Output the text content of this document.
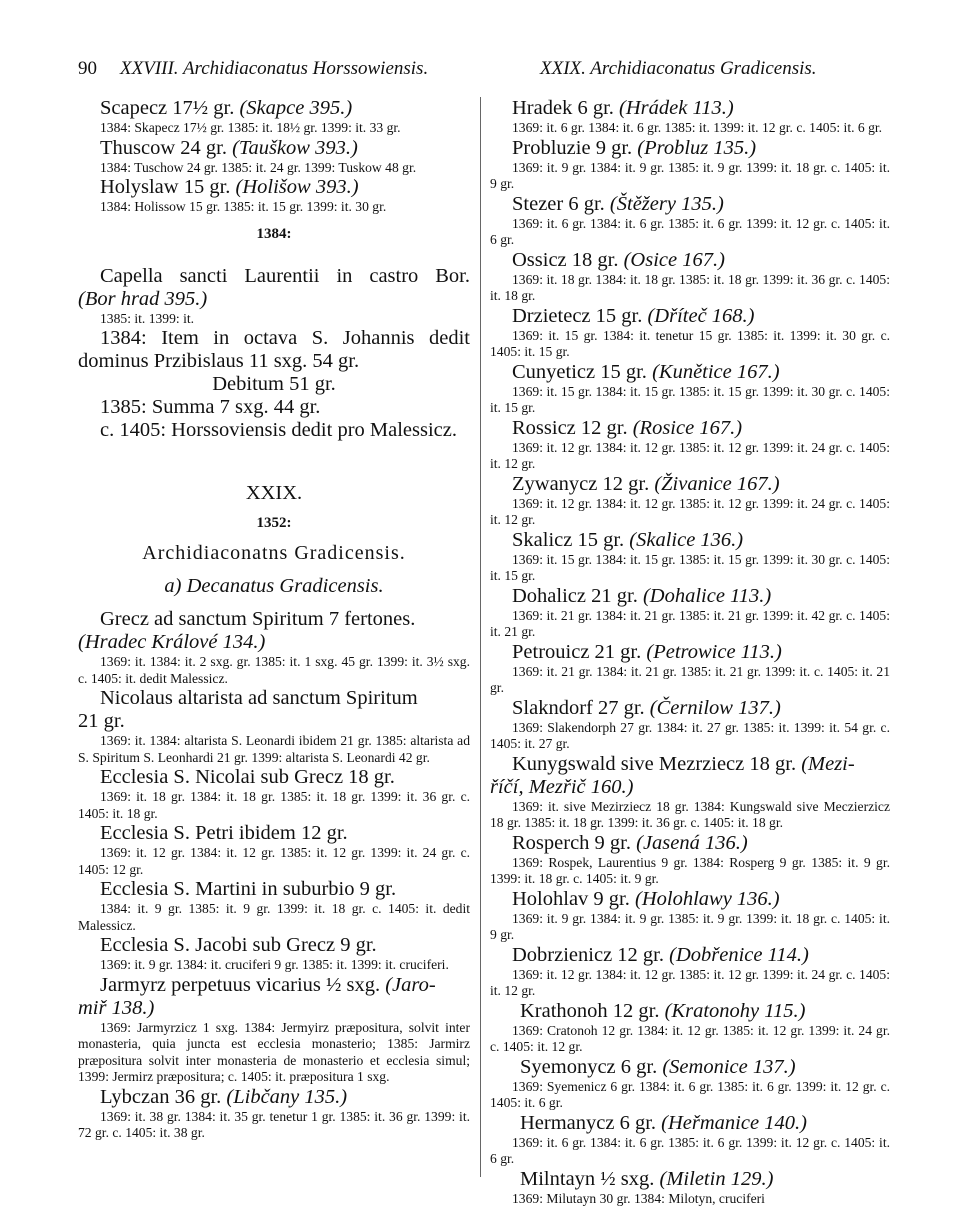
90 XXVIII. Archidiaconatus Horssowiensis.	XXIX. Archidiaconatus Gradicensis.
Scapecz 17½ gr. (Skapce 395.)
1384: Skapecz 17½ gr. 1385: it. 18½ gr. 1399: it. 33 gr.
Thuscow 24 gr. (Taušk​ow 393.)
1384: Tuschow 24 gr. 1385: it. 24 gr. 1399: Tuskow 48 gr.
Holyslaw 15 gr. (Holišow 393.)
1384: Holissow 15 gr. 1385: it. 15 gr. 1399: it. 30 gr.
1384:
Capella sancti Laurentii in castro Bor.
(Bor hrad 395.)
1385: it. 1399: it.
1384: Item in octava S. Johannis dedit dominus Przibislaus 11 sxg. 54 gr.
Debitum 51 gr.
1385: Summa 7 sxg. 44 gr.
c. 1405: Horssoviensis dedit pro Malessicz.
XXIX.
1352:
Archidiaconatns Gradicensis.
a) Decanatus Gradicensis.
Grecz ad sanctum Spiritum 7 fertones.
(Hradec Králové 134.)
1369: it. 1384: it. 2 sxg. gr. 1385: it. 1 sxg. 45 gr. 1399: it. 3½ sxg. c. 1405: it. dedit Malessicz.
Nicolaus altarista ad sanctum Spiritum
21 gr.
1369: it. 1384: altarista S. Leonardi ibidem 21 gr. 1385: altarista ad S. Spiritum S. Leonhardi 21 gr. 1399: altarista S. Leonardi 42 gr.
Ecclesia S. Nicolai sub Grecz 18 gr.
1369: it. 18 gr. 1384: it. 18 gr. 1385: it. 18 gr. 1399: it. 36 gr. c. 1405: it. 18 gr.
Ecclesia S. Petri ibidem 12 gr.
1369: it. 12 gr. 1384: it. 12 gr. 1385: it. 12 gr. 1399: it. 24 gr. c. 1405: 12 gr.
Ecclesia S. Martini in suburbio 9 gr.
1384: it. 9 gr. 1385: it. 9 gr. 1399: it. 18 gr. c. 1405: it. dedit Malessicz.
Ecclesia S. Jacobi sub Grecz 9 gr.
1369: it. 9 gr. 1384: it. cruciferi 9 gr. 1385: it. 1399: it. cruciferi.
Jarmyrz perpetuus vicarius ½ sxg. (Jaro-
miř 138.)
1369: Jarmyrzicz 1 sxg. 1384: Jermyirz præpositura, solvit inter monasteria, quia juncta est ecclesia monasterio; 1385: Jarmirz præpositura solvit inter monasteria de monasterio et ecclesia simul; 1399: Jermirz præpositura; c. 1405: it. præpositura 1 sxg.
Lybczan 36 gr. (Libčany 135.)
1369: it. 38 gr. 1384: it. 35 gr. tenetur 1 gr. 1385: it. 36 gr. 1399: it. 72 gr. c. 1405: it. 38 gr.
Hradek 6 gr. (Hrádek 113.)
1369: it. 6 gr. 1384: it. 6 gr. 1385: it. 1399: it. 12 gr. c. 1405: it. 6 gr.
Probluzie 9 gr. (Probluz 135.)
1369: it. 9 gr. 1384: it. 9 gr. 1385: it. 9 gr. 1399: it. 18 gr. c. 1405: it. 9 gr.
Stezer 6 gr. (Štěžery 135.)
1369: it. 6 gr. 1384: it. 6 gr. 1385: it. 6 gr. 1399: it. 12 gr. c. 1405: it. 6 gr.
Ossicz 18 gr. (Osice 167.)
1369: it. 18 gr. 1384: it. 18 gr. 1385: it. 18 gr. 1399: it. 36 gr. c. 1405: it. 18 gr.
Drzietecz 15 gr. (Dříteč 168.)
1369: it. 15 gr. 1384: it. tenetur 15 gr. 1385: it. 1399: it. 30 gr. c. 1405: it. 15 gr.
Cunyeticz 15 gr. (Kunětice 167.)
1369: it. 15 gr. 1384: it. 15 gr. 1385: it. 15 gr. 1399: it. 30 gr. c. 1405: it. 15 gr.
Rossicz 12 gr. (Rosice 167.)
1369: it. 12 gr. 1384: it. 12 gr. 1385: it. 12 gr. 1399: it. 24 gr. c. 1405: it. 12 gr.
Zywanycz 12 gr. (Živanice 167.)
1369: it. 12 gr. 1384: it. 12 gr. 1385: it. 12 gr. 1399: it. 24 gr. c. 1405: it. 12 gr.
Skalicz 15 gr. (Skalice 136.)
1369: it. 15 gr. 1384: it. 15 gr. 1385: it. 15 gr. 1399: it. 30 gr. c. 1405: it. 15 gr.
Dohalicz 21 gr. (Dohalice 113.)
1369: it. 21 gr. 1384: it. 21 gr. 1385: it. 21 gr. 1399: it. 42 gr. c. 1405: it. 21 gr.
Petrouicz 21 gr. (Petrowice 113.)
1369: it. 21 gr. 1384: it. 21 gr. 1385: it. 21 gr. 1399: it. c. 1405: it. 21 gr.
Slakndorf 27 gr. (Černilow 137.)
1369: Slakendorph 27 gr. 1384: it. 27 gr. 1385: it. 1399: it. 54 gr. c. 1405: it. 27 gr.
Kunygswald sive Mezrziecz 18 gr. (Mezi-
říčí, Mezřič 160.)
1369: it. sive Mezirziecz 18 gr. 1384: Kungswald sive Meczierzicz 18 gr. 1385: it. 18 gr. 1399: it. 36 gr. c. 1405: it. 18 gr.
Rosperch 9 gr. (Jasená 136.)
1369: Rospek, Laurentius 9 gr. 1384: Rosperg 9 gr. 1385: it. 9 gr. 1399: it. 18 gr. c. 1405: it. 9 gr.
Holohlav 9 gr. (Holohlawy 136.)
1369: it. 9 gr. 1384: it. 9 gr. 1385: it. 9 gr. 1399: it. 18 gr. c. 1405: it. 9 gr.
Dobrzienicz 12 gr. (Dobřenice 114.)
1369: it. 12 gr. 1384: it. 12 gr. 1385: it. 12 gr. 1399: it. 24 gr. c. 1405: it. 12 gr.
Krathonoh 12 gr. (Kratonohy 115.)
1369: Cratonoh 12 gr. 1384: it. 12 gr. 1385: it. 12 gr. 1399: it. 24 gr. c. 1405: it. 12 gr.
Syemonycz 6 gr. (Semonice 137.)
1369: Syemenicz 6 gr. 1384: it. 6 gr. 1385: it. 6 gr. 1399: it. 12 gr. c. 1405: it. 6 gr.
Hermanycz 6 gr. (Heřmanice 140.)
1369: it. 6 gr. 1384: it. 6 gr. 1385: it. 6 gr. 1399: it. 12 gr. c. 1405: it. 6 gr.
Milntayn ½ sxg. (Miletin 129.)
1369: Milutayn 30 gr. 1384: Milotyn, cruciferi
